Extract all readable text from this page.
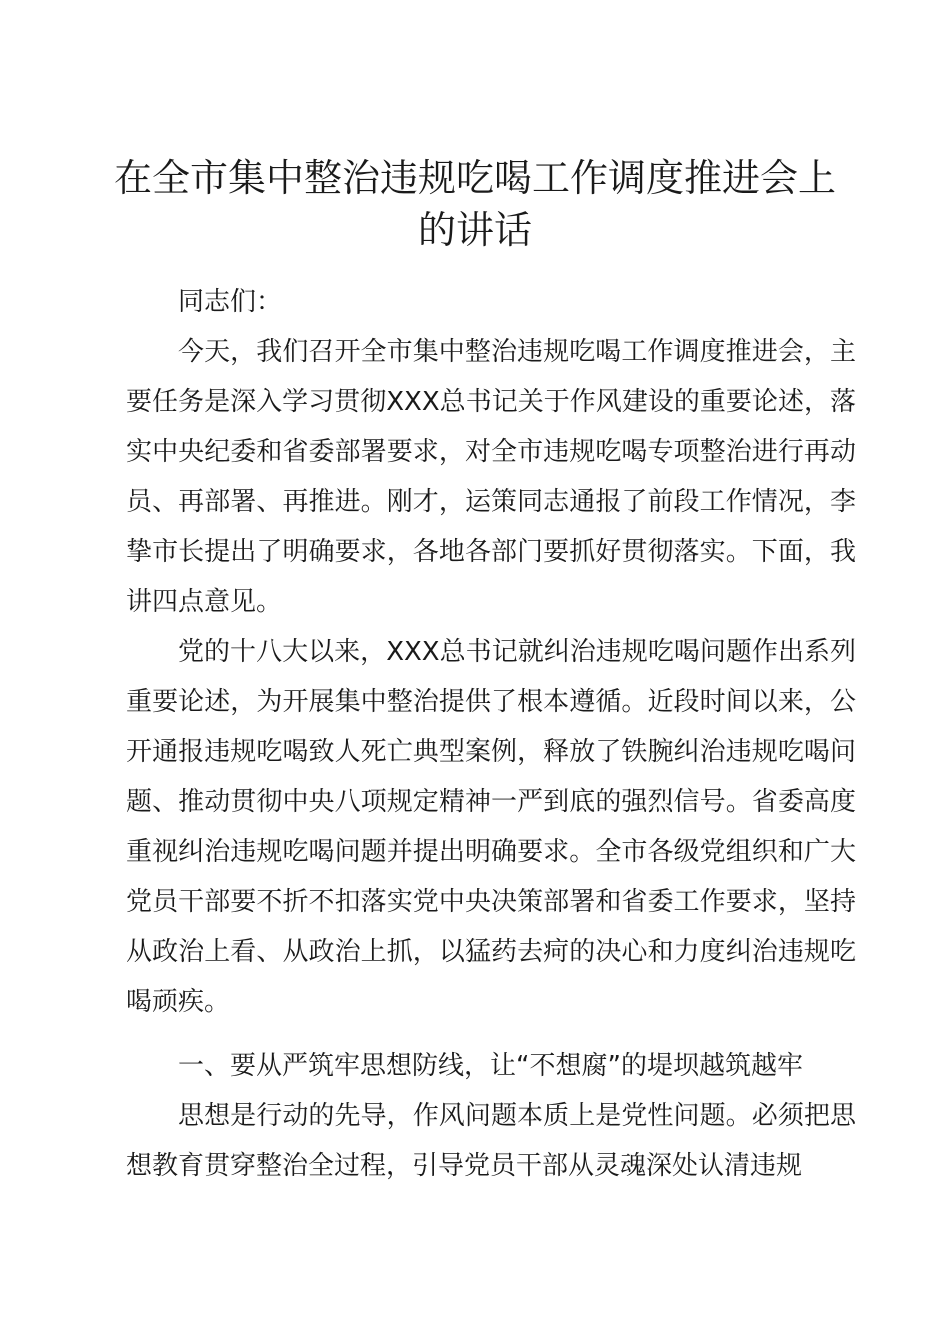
在全市集中整治违规吃喝工作调度推进会上的讲话

同志们：

今天，我们召开全市集中整治违规吃喝工作调度推进会，主要任务是深入学习贯彻XXX总书记关于作风建设的重要论述，落实中央纪委和省委部署要求，对全市违规吃喝专项整治进行再动员、再部署、再推进。刚才，运策同志通报了前段工作情况，李挚市长提出了明确要求，各地各部门要抓好贯彻落实。下面，我讲四点意见。

党的十八大以来，XXX总书记就纠治违规吃喝问题作出系列重要论述，为开展集中整治提供了根本遵循。近段时间以来，公开通报违规吃喝致人死亡典型案例，释放了铁腕纠治违规吃喝问题、推动贯彻中央八项规定精神一严到底的强烈信号。省委高度重视纠治违规吃喝问题并提出明确要求。全市各级党组织和广大党员干部要不折不扣落实党中央决策部署和省委工作要求，坚持从政治上看、从政治上抓，以猛药去疴的决心和力度纠治违规吃喝顽疾。

一、要从严筑牢思想防线，让“不想腐”的堤坝越筑越牢

思想是行动的先导，作风问题本质上是党性问题。必须把思想教育贯穿整治全过程，引导党员干部从灵魂深处认清违规
